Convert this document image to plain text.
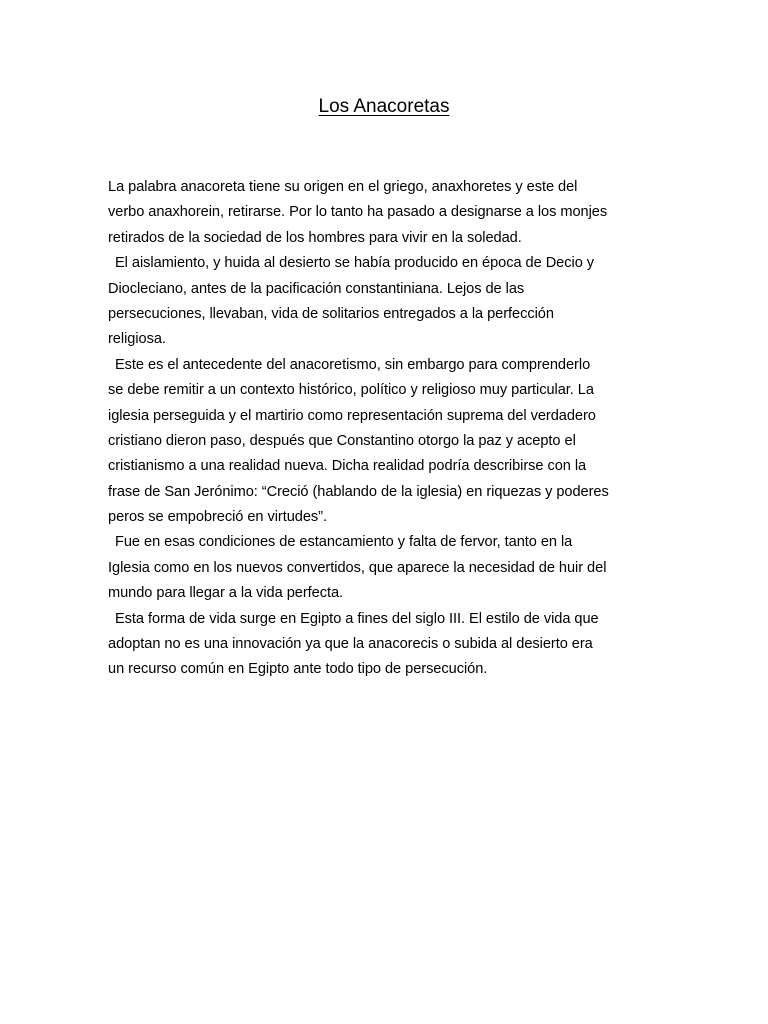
Los Anacoretas
La palabra anacoreta tiene su origen en el griego, anaxhoretes y este del
verbo anaxhorein, retirarse. Por lo tanto ha pasado a designarse a los monjes
retirados de la sociedad de los hombres para vivir en la soledad.
El aislamiento, y huida al desierto se había producido en época de Decio y
Diocleciano, antes de la pacificación constantiniana. Lejos de las
persecuciones, llevaban, vida de solitarios entregados a la perfección
religiosa.
Este es el antecedente del anacoretismo, sin embargo para comprenderlo
se debe remitir a un contexto histórico, político y religioso muy particular. La
iglesia perseguida y el martirio como representación suprema del verdadero
cristiano dieron paso, después que Constantino otorgo la paz y acepto el
cristianismo a una realidad nueva. Dicha realidad podría describirse con la
frase de San Jerónimo: “Creció (hablando de la iglesia) en riquezas y poderes
peros se empobreció en virtudes”.
Fue en esas condiciones de estancamiento y falta de fervor, tanto en la
Iglesia como en los nuevos convertidos, que aparece la necesidad de huir del
mundo para llegar a la vida perfecta.
Esta forma de vida surge en Egipto a fines del siglo III. El estilo de vida que
adoptan no es una innovación ya que la anacorecis o subida al desierto era
un recurso común en Egipto ante todo tipo de persecución.
